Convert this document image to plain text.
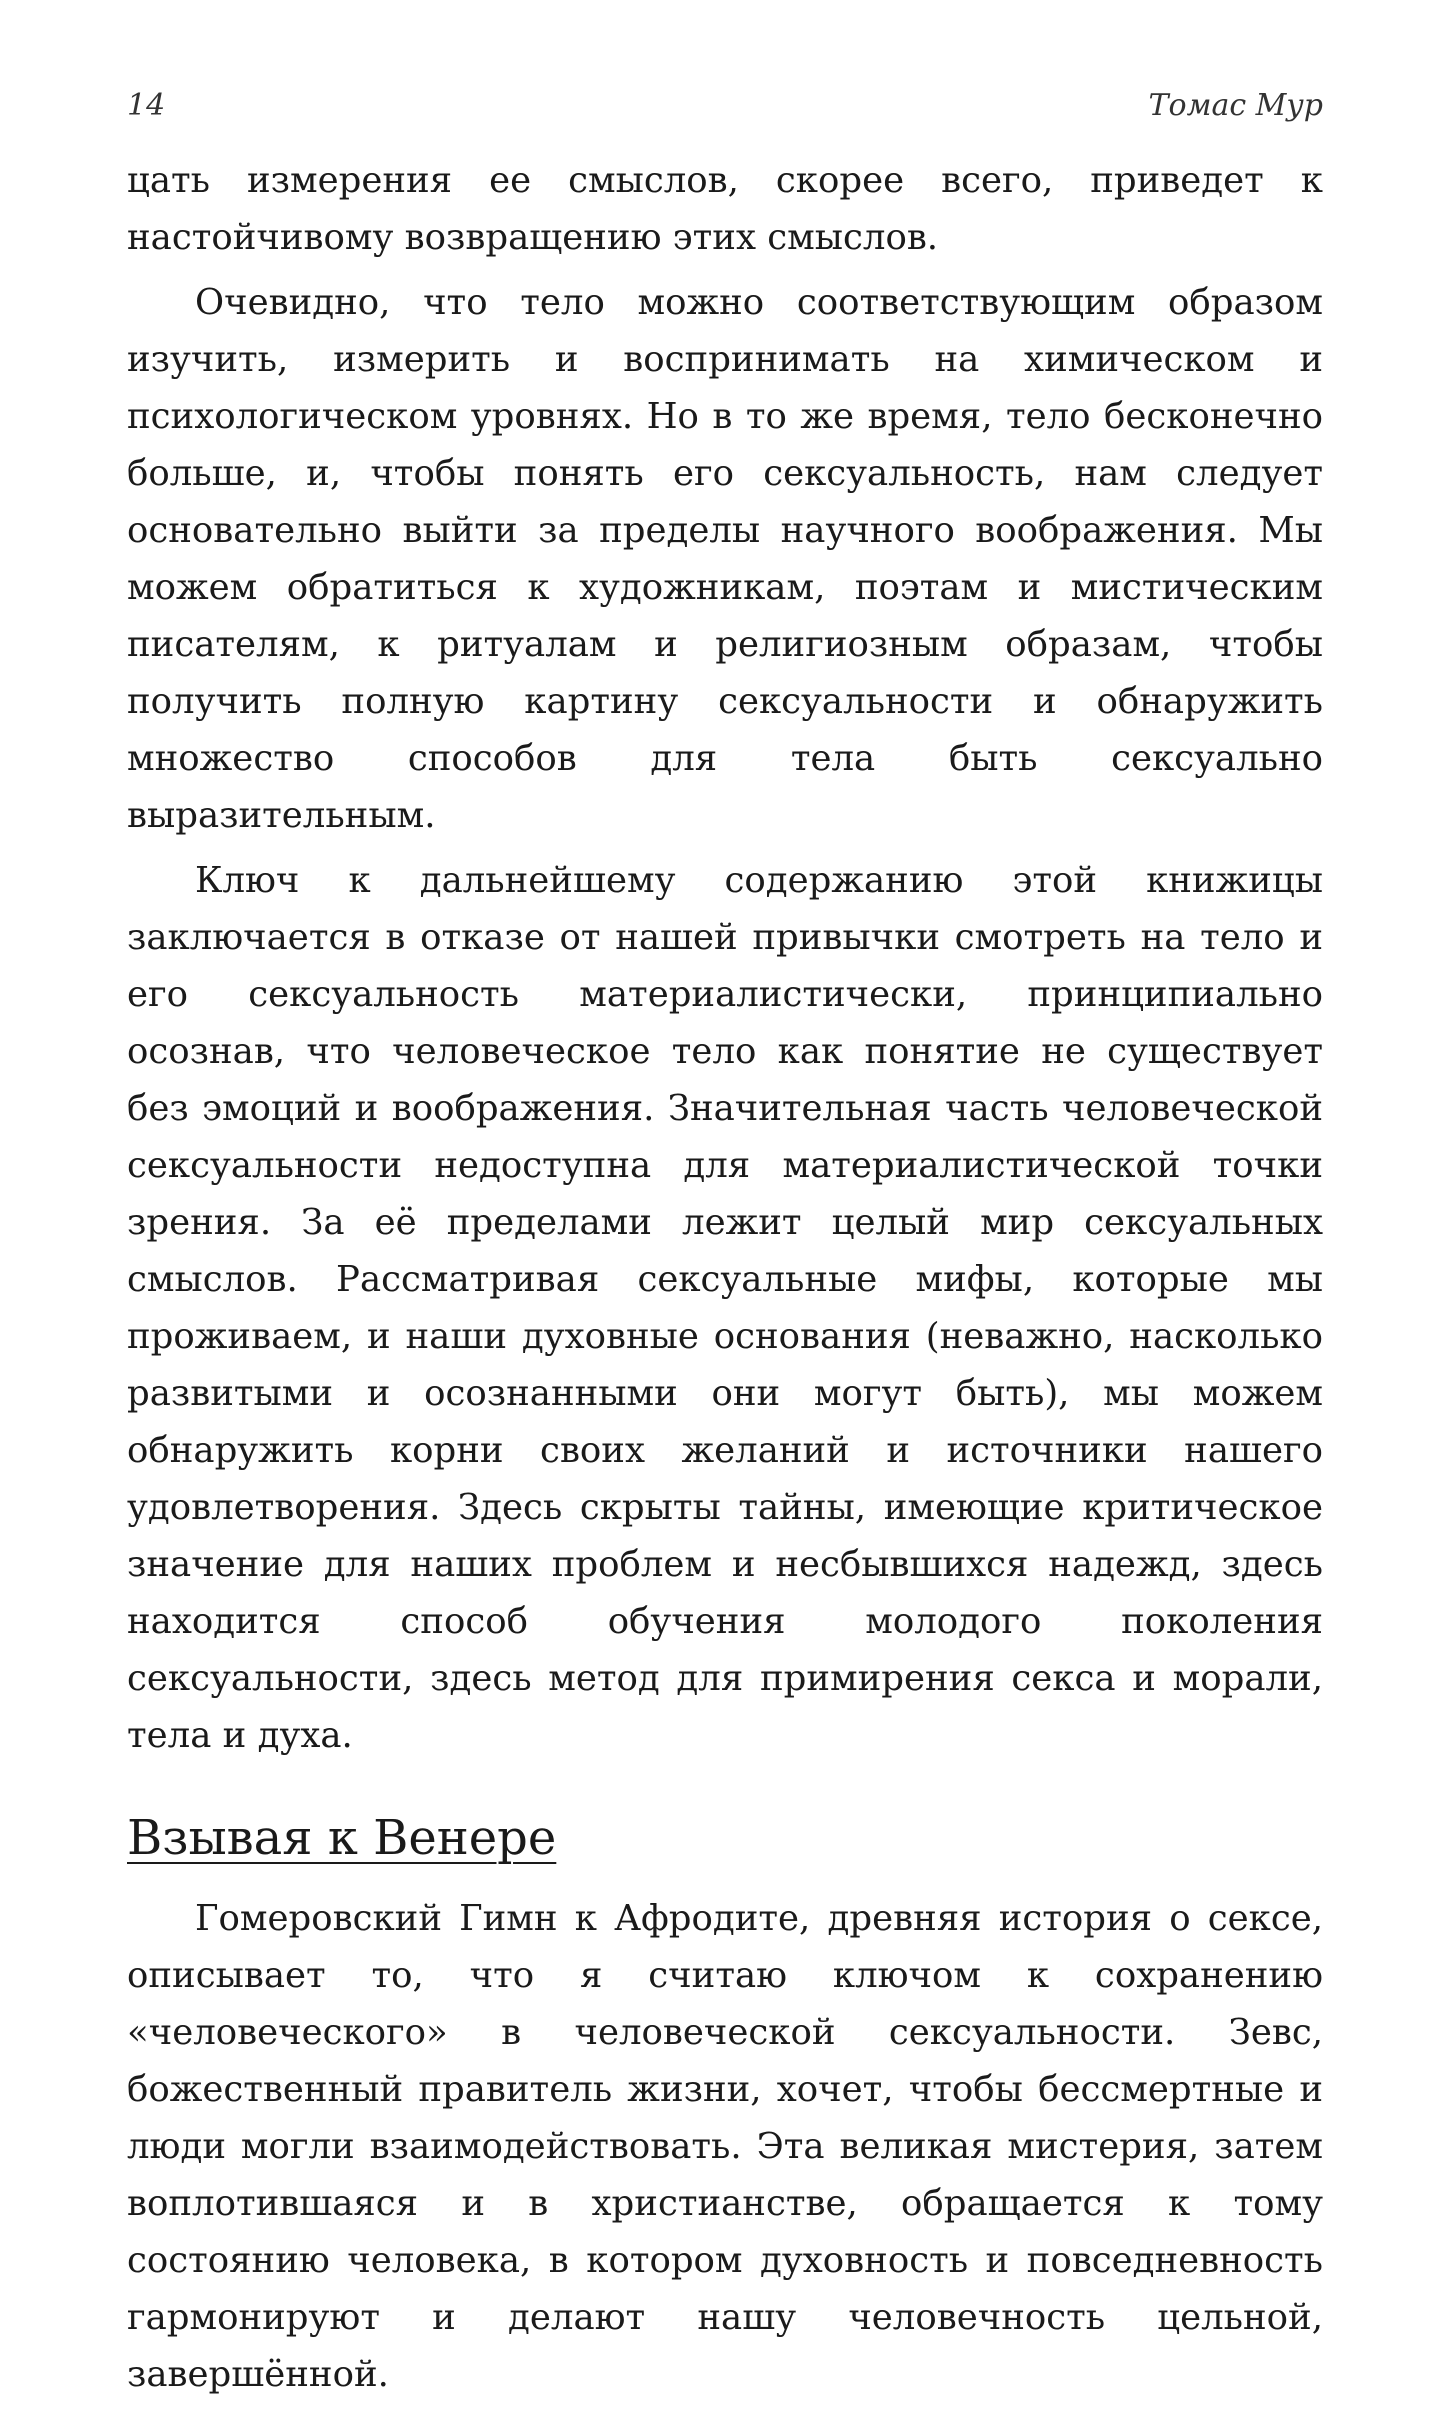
14	Томас Мур

цать измерения ее смыслов, скорее всего, приведет к настойчивому возвращению этих смыслов.

Очевидно, что тело можно соответствующим образом изучить, измерить и воспринимать на химическом и психологическом уровнях. Но в то же время, тело бесконечно больше, и, чтобы понять его сексуальность, нам следует основательно выйти за пределы научного воображения. Мы можем обратиться к художникам, поэтам и мистическим писателям, к ритуалам и религиозным образам, чтобы получить полную картину сексуальности и обнаружить множество способов для тела быть сексуально выразительным.

Ключ к дальнейшему содержанию этой книжицы заключается в отказе от нашей привычки смотреть на тело и его сексуальность материалистически, принципиально осознав, что человеческое тело как понятие не существует без эмоций и воображения. Значительная часть человеческой сексуальности недоступна для материалистической точки зрения. За её пределами лежит целый мир сексуальных смыслов. Рассматривая сексуальные мифы, которые мы проживаем, и наши духовные основания (неважно, насколько развитыми и осознанными они могут быть), мы можем обнаружить корни своих желаний и источники нашего удовлетворения. Здесь скрыты тайны, имеющие критическое значение для наших проблем и несбывшихся надежд, здесь находится способ обучения молодого поколения сексуальности, здесь метод для примирения секса и морали, тела и духа.

Взывая к Венере

Гомеровский Гимн к Афродите, древняя история о сексе, описывает то, что я считаю ключом к сохранению «человеческого» в человеческой сексуальности. Зевс, божественный правитель жизни, хочет, чтобы бессмертные и люди могли взаимодействовать. Эта великая мистерия, затем воплотившаяся и в христианстве, обращается к тому состоянию человека, в котором духовность и повседневность гармонируют и делают нашу человечность цельной, завершённой.
